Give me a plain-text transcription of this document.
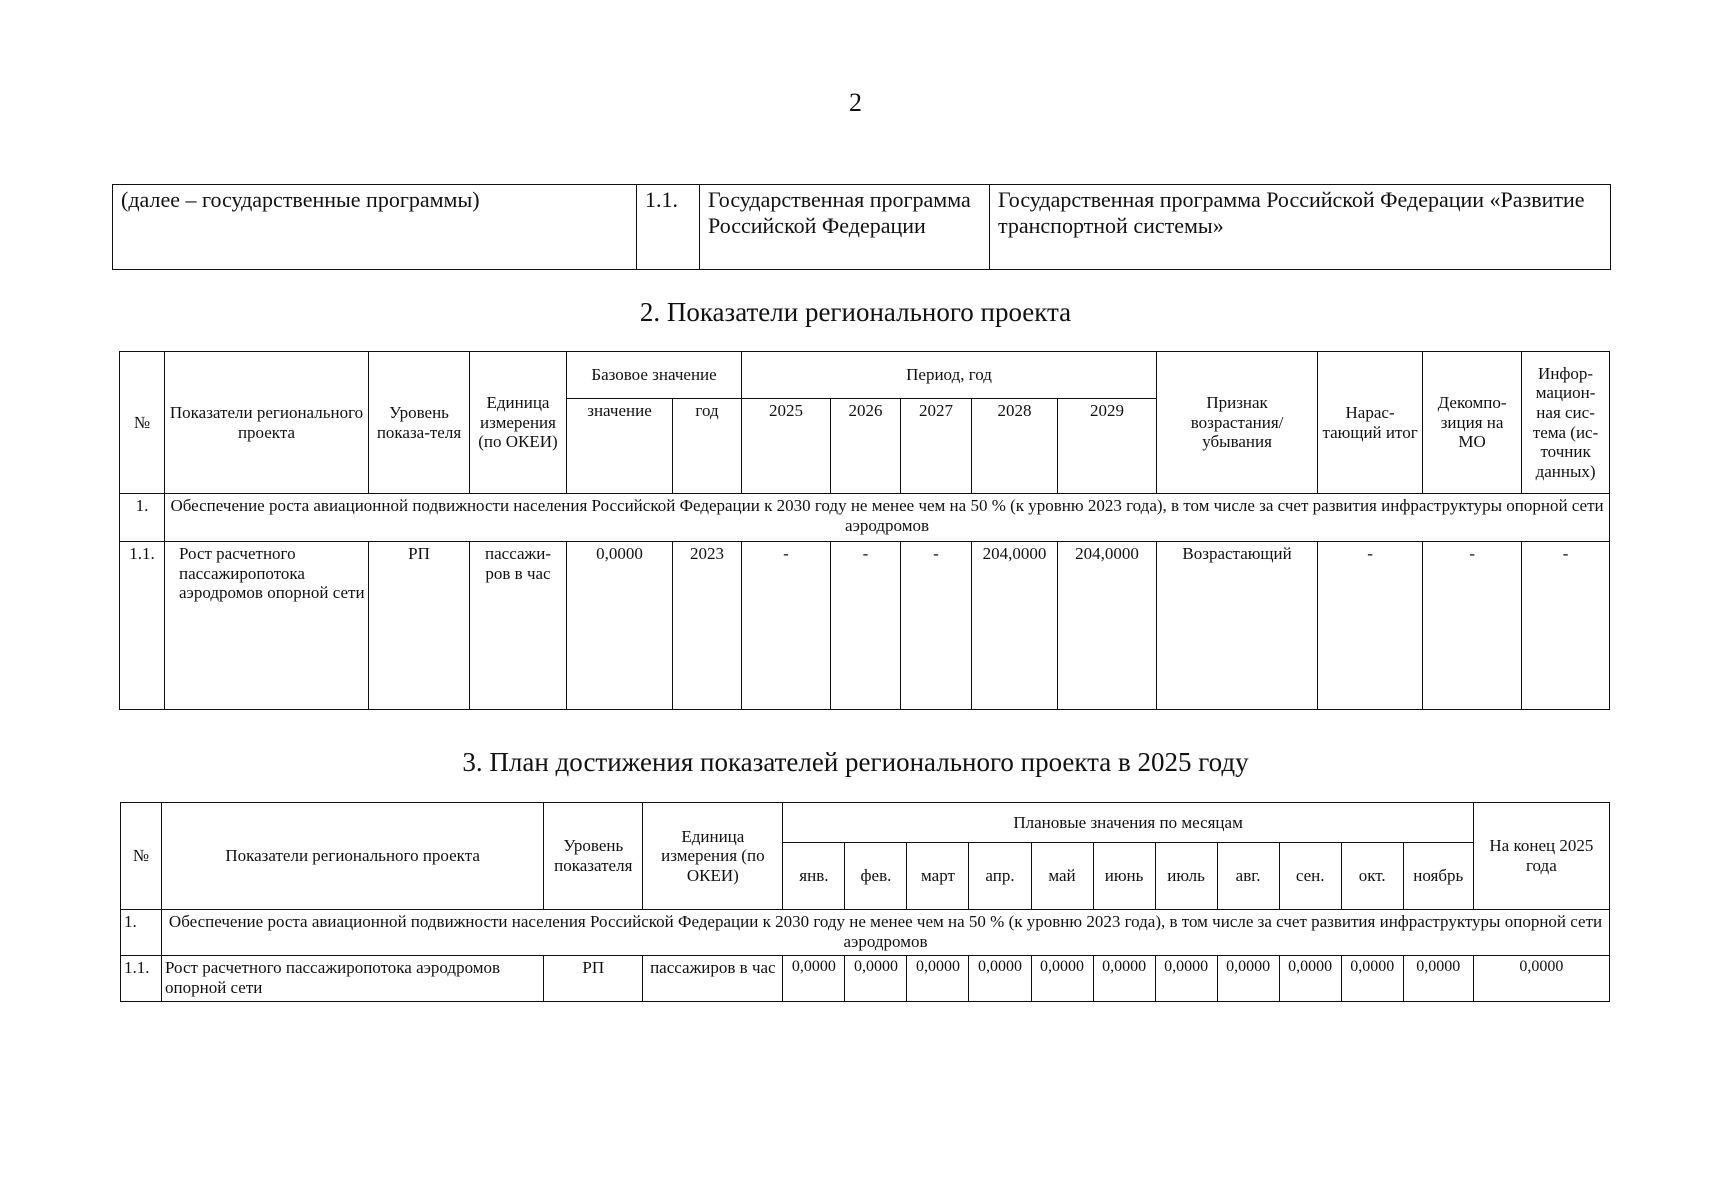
2
(далее – государственные программы)	1.1.	Государственная программа Российской Федерации	Государственная программа Российской Федерации «Развитие транспортной системы»
2. Показатели регионального проекта
№	Показатели регионального проекта	Уровень показа-теля	Единица измерения (по ОКЕИ)	Базовое значение		Период, год					Признак возрастания/ убывания	Нарас-тающий итог	Декомпо-зиция на МО	Инфор-мацион-ная сис-тема (ис-точник данных)
				значение	год	2025	2026	2027	2028	2029				
1.	Обеспечение роста авиационной подвижности населения Российской Федерации к 2030 году не менее чем на 50 % (к уровню 2023 года), в том числе за счет развития инфраструктуры опорной сети аэродромов													
1.1.	Рост расчетного пассажиропотока аэродромов опорной сети	РП	пассажи-ров в час	0,0000	2023	-	-	-	204,0000	204,0000	Возрастающий	-	-	-
3. План достижения показателей регионального проекта в 2025 году
№	Показатели регионального проекта	Уровень показателя	Единица измерения (по ОКЕИ)	Плановые значения по месяцам											На конец 2025 года
				янв.	фев.	март	апр.	май	июнь	июль	авг.	сен.	окт.	ноябрь	
1.	Обеспечение роста авиационной подвижности населения Российской Федерации к 2030 году не менее чем на 50 % (к уровню 2023 года), в том числе за счет развития инфраструктуры опорной сети аэродромов														
1.1.	Рост расчетного пассажиропотока аэродромов опорной сети	РП	пассажиров в час	0,0000	0,0000	0,0000	0,0000	0,0000	0,0000	0,0000	0,0000	0,0000	0,0000	0,0000	0,0000
